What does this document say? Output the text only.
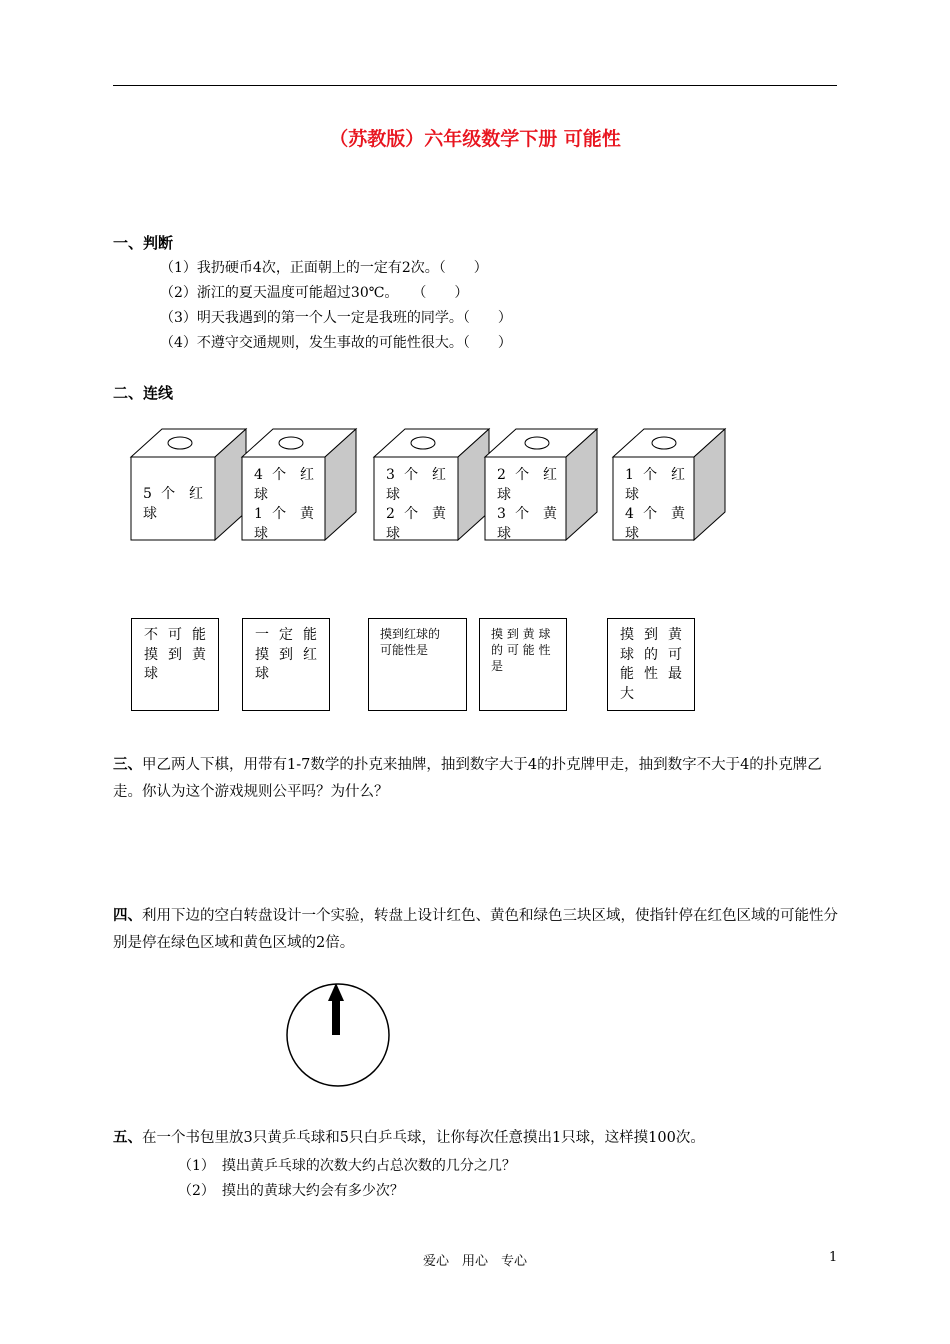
（苏教版）六年级数学下册 可能性
一、判断
（1）我扔硬币4次，正面朝上的一定有2次。（　　）
（2）浙江的夏天温度可能超过30℃。　　（　　）
（3）明天我遇到的第一个人一定是我班的同学。（　　）
（4）不遵守交通规则，发生事故的可能性很大。（　　）
二、连线
5 个 红
球
4 个 红
球
1 个 黄
球
3 个 红
球
2 个 黄
球
2 个 红
球
3 个 黄
球
1 个 红
球
4 个 黄
球
不 可 能
摸 到 黄
球
一 定 能
摸 到 红
球
摸到红球的
可能性是
摸 到 黄 球
的 可 能 性
是
摸 到 黄
球 的 可
能 性 最
大
三、甲乙两人下棋，用带有1-7数学的扑克来抽牌，抽到数字大于4的扑克牌甲走，抽到数字不大于4的扑克牌乙走。你认为这个游戏规则公平吗？为什么？
四、利用下边的空白转盘设计一个实验，转盘上设计红色、黄色和绿色三块区域，使指针停在红色区域的可能性分别是停在绿色区域和黄色区域的2倍。
五、在一个书包里放3只黄乒乓球和5只白乒乓球，让你每次任意摸出1只球，这样摸100次。
（1）　摸出黄乒乓球的次数大约占总次数的几分之几？
（2）　摸出的黄球大约会有多少次？
爱心　用心　专心	1
